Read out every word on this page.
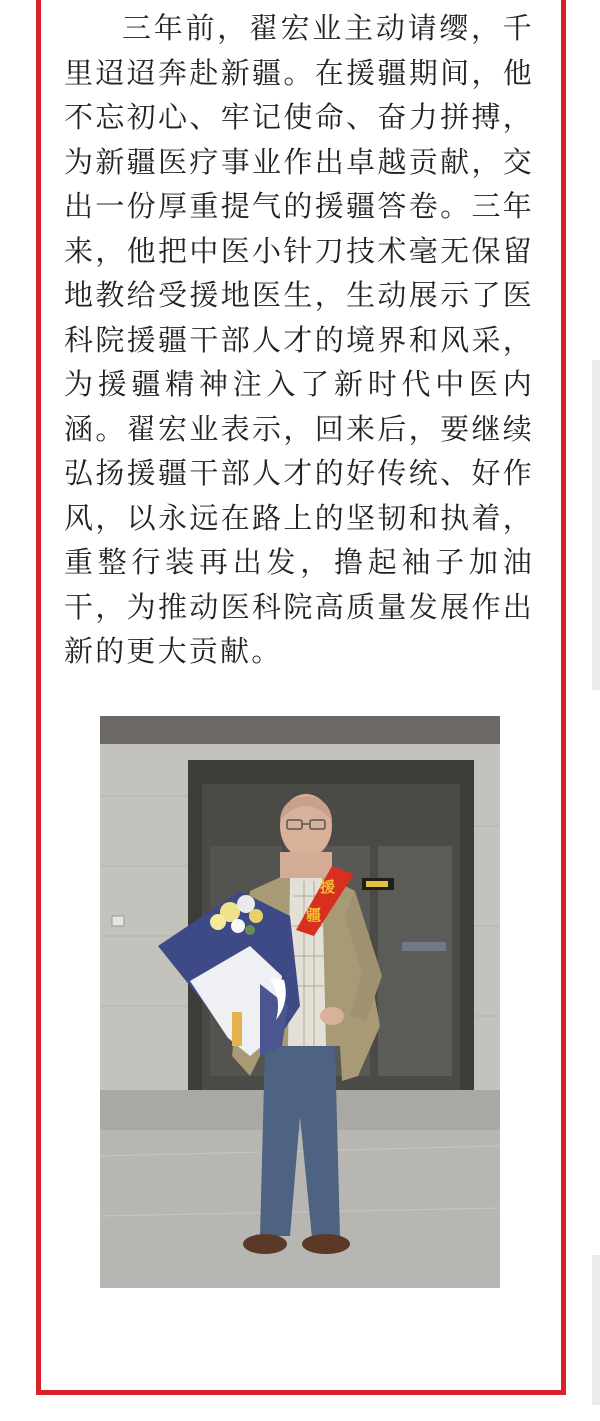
三年前，翟宏业主动请缨，千里迢迢奔赴新疆。在援疆期间，他不忘初心、牢记使命、奋力拼搏，为新疆医疗事业作出卓越贡献，交出一份厚重提气的援疆答卷。三年来，他把中医小针刀技术毫无保留地教给受援地医生，生动展示了医科院援疆干部人才的境界和风采，为援疆精神注入了新时代中医内涵。翟宏业表示，回来后，要继续弘扬援疆干部人才的好传统、好作风，以永远在路上的坚韧和执着，重整行装再出发，撸起袖子加油干，为推动医科院高质量发展作出新的更大贡献。

援
疆
